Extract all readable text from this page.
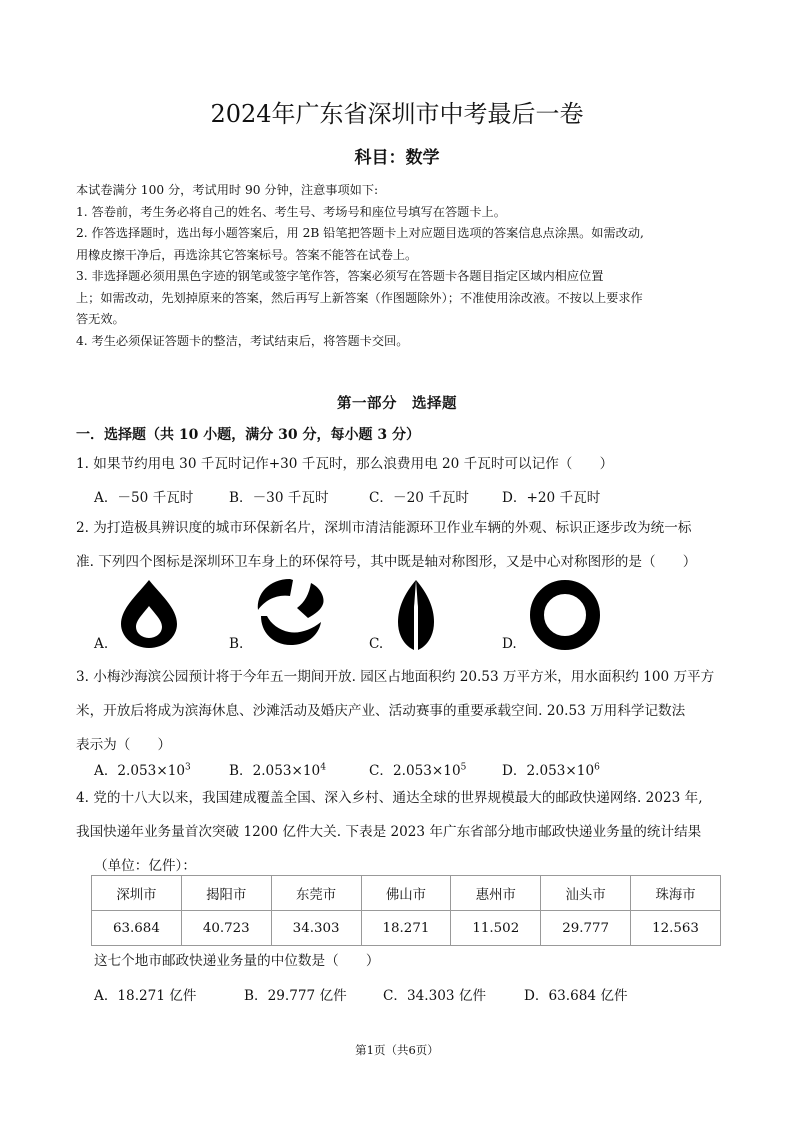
2024年广东省深圳市中考最后一卷
科目：数学
本试卷满分 100 分，考试用时 90 分钟，注意事项如下:
1. 答卷前，考生务必将自己的姓名、考生号、考场号和座位号填写在答题卡上。
2. 作答选择题时，选出每小题答案后，用 2B 铅笔把答题卡上对应题目选项的答案信息点涂黑。如需改动,
用橡皮擦干净后，再选涂其它答案标号。答案不能答在试卷上。
3. 非选择题必须用黑色字迹的钢笔或签字笔作答，答案必须写在答题卡各题目指定区域内相应位置
上；如需改动，先划掉原来的答案，然后再写上新答案（作图题除外）；不准使用涂改液。不按以上要求作
答无效。
4. 考生必须保证答题卡的整洁，考试结束后，将答题卡交回。
第一部分　选择题
一．选择题（共 10 小题，满分 30 分，每小题 3 分）
1. 如果节约用电 30 千瓦时记作+30 千瓦时，那么浪费用电 20 千瓦时可以记作（　　）
A．－50 千瓦时	B．－30 千瓦时	C．－20 千瓦时 D．+20 千瓦时
2. 为打造极具辨识度的城市环保新名片，深圳市清洁能源环卫作业车辆的外观、标识正逐步改为统一标
准. 下列四个图标是深圳环卫车身上的环保符号，其中既是轴对称图形，又是中心对称图形的是（　　）
A.	B.	C.	D.
3. 小梅沙海滨公园预计将于今年五一期间开放. 园区占地面积约 20.53 万平方米，用水面积约 100 万平方
米，开放后将成为滨海休息、沙滩活动及婚庆产业、活动赛事的重要承载空间. 20.53 万用科学记数法
表示为（　　）
A．$2.053\times 10^3$	B．$2.053\times 10^4$	C．$2.053\times 10^5$	D．$2.053\times 10^6$
4. 党的十八大以来，我国建成覆盖全国、深入乡村、通达全球的世界规模最大的邮政快递网络. 2023 年,
我国快递年业务量首次突破 1200 亿件大关. 下表是 2023 年广东省部分地市邮政快递业务量的统计结果
（单位：亿件）：
深圳市	揭阳市	东莞市	佛山市	惠州市	汕头市	珠海市
63.684	40.723	34.303	18.271	11.502	29.777	12.563
这七个地市邮政快递业务量的中位数是（　　）
A．18.271 亿件	B．29.777 亿件	C．34.303 亿件	D．63.684 亿件
第1页（共6页）
